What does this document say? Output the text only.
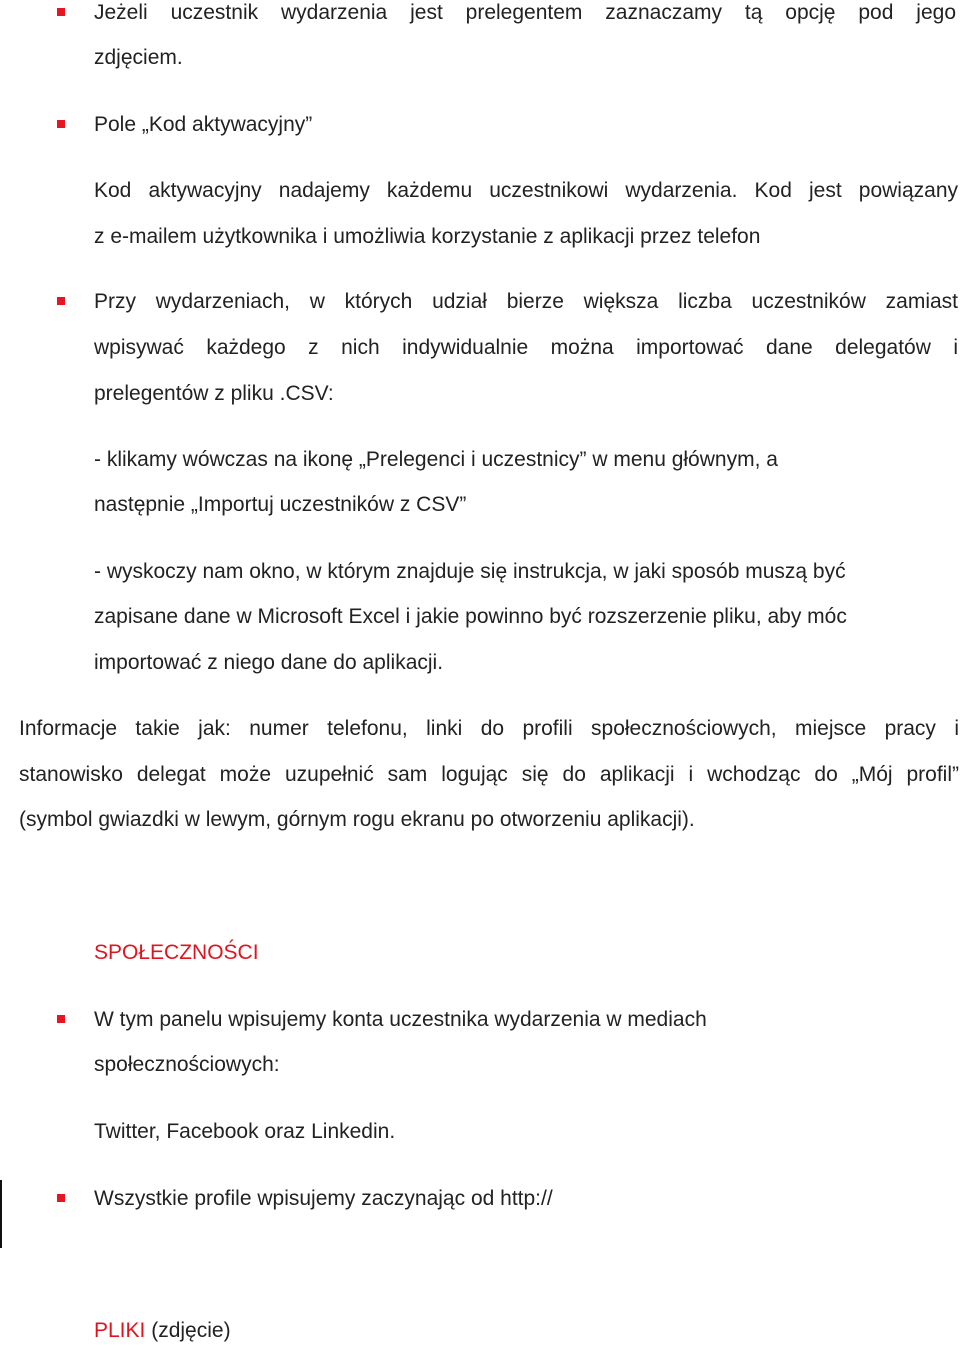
Jeżeli uczestnik wydarzenia jest prelegentem zaznaczamy tą opcję pod jego
zdjęciem.
Pole „Kod aktywacyjny”
Kod aktywacyjny nadajemy każdemu uczestnikowi wydarzenia. Kod jest powiązany
z e-mailem użytkownika i umożliwia korzystanie z aplikacji przez telefon
Przy wydarzeniach, w których udział bierze większa liczba uczestników zamiast
wpisywać każdego z nich indywidualnie można importować dane delegatów i
prelegentów z pliku .CSV:
- klikamy wówczas na ikonę „Prelegenci i uczestnicy” w menu głównym, a
następnie „Importuj uczestników z CSV”
- wyskoczy nam okno, w którym znajduje się instrukcja, w jaki sposób muszą być
zapisane dane w Microsoft Excel i jakie powinno być rozszerzenie pliku, aby móc
importować z niego dane do aplikacji.
Informacje takie jak: numer telefonu, linki do profili społecznościowych, miejsce pracy i
stanowisko delegat może uzupełnić sam logując się do aplikacji i wchodząc do „Mój profil”
(symbol gwiazdki w lewym, górnym rogu ekranu po otworzeniu aplikacji).
SPOŁECZNOŚCI
W tym panelu wpisujemy konta uczestnika wydarzenia w mediach
społecznościowych:
Twitter, Facebook oraz Linkedin.
Wszystkie profile wpisujemy zaczynając od http://
PLIKI (zdjęcie)
